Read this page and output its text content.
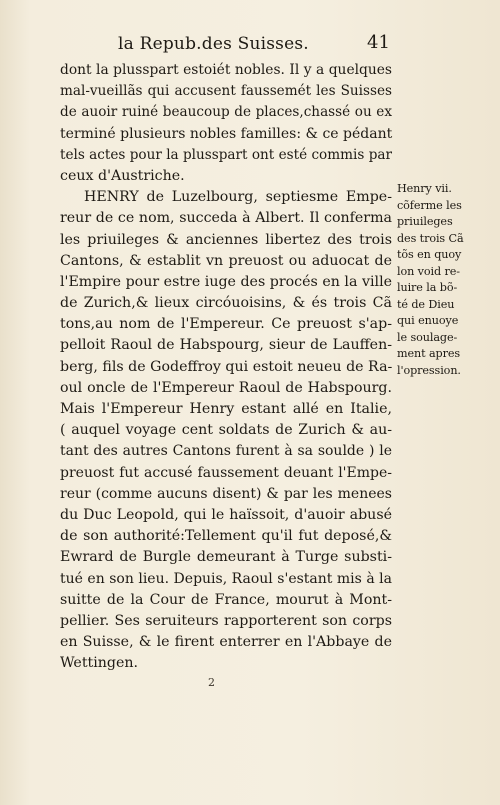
la Repub.des Suisses.	41
dont la plusspart estoiét nobles. Il y a quelques
mal-vueillãs qui accusent faussemét les Suisses
de auoir ruiné beaucoup de places,chassé ou ex
terminé plusieurs nobles familles: & ce pédant
tels actes pour la plusspart ont esté commis par
ceux d'Austriche.
HENRY de Luzelbourg, septiesme Empe-
reur de ce nom, succeda à Albert. Il conferma
les priuileges & anciennes libertez des trois
Cantons, & establit vn preuost ou aduocat de
l'Empire pour estre iuge des procés en la ville
de Zurich,& lieux circóuoisins, & és trois Cã
tons,au nom de l'Empereur. Ce preuost s'ap-
pelloit Raoul de Habspourg, sieur de Lauffen-
berg, fils de Godeffroy qui estoit neueu de Ra-
oul oncle de l'Empereur Raoul de Habspourg.
Mais l'Empereur Henry estant allé en Italie,
( auquel voyage cent soldats de Zurich & au-
tant des autres Cantons furent à sa soulde ) le
preuost fut accusé faussement deuant l'Empe-
reur (comme aucuns disent) & par les menees
du Duc Leopold, qui le haïssoit, d'auoir abusé
de son authorité:Tellement qu'il fut deposé,&
Ewrard de Burgle demeurant à Turge substi-
tué en son lieu. Depuis, Raoul s'estant mis à la
suitte de la Cour de France, mourut à Mont-
pellier. Ses seruiteurs rapporterent son corps
en Suisse, & le firent enterrer en l'Abbaye de
Wettingen.
Henry vii.
cõferme les
priuileges
des trois Cã
tõs en quoy
lon void re-
luire la bõ-
té de Dieu
qui enuoye
le soulage-
ment apres
l'opression.
2
